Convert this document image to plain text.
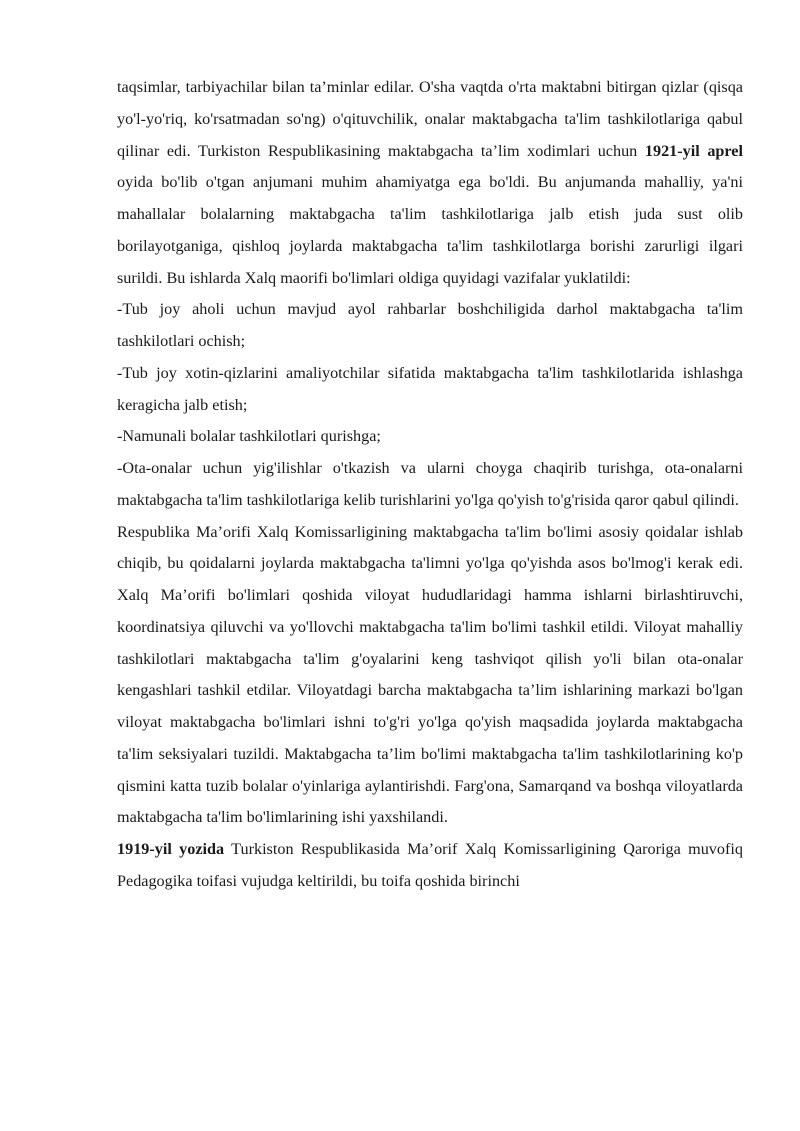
taqsimlar, tarbiyachilar bilan ta’minlar edilar. O'sha vaqtda o'rta maktabni bitirgan qizlar (qisqa yo'l-yo'riq, ko'rsatmadan so'ng) o'qituvchilik, onalar maktabgacha ta'lim tashkilotlariga qabul qilinar edi. Turkiston Respublikasining maktabgacha ta’lim xodimlari uchun 1921-yil aprel oyida bo'lib o'tgan anjumani muhim ahamiyatga ega bo'ldi. Bu anjumanda mahalliy, ya'ni mahallalar bolalarning maktabgacha ta'lim tashkilotlariga jalb etish juda sust olib borilayotganiga, qishloq joylarda maktabgacha ta'lim tashkilotlarga borishi zarurligi ilgari surildi. Bu ishlarda Xalq maorifi bo'limlari oldiga quyidagi vazifalar yuklatildi:

-Tub joy aholi uchun mavjud ayol rahbarlar boshchiligida darhol maktabgacha ta'lim tashkilotlari ochish;

-Tub joy xotin-qizlarini amaliyotchilar sifatida maktabgacha ta'lim tashkilotlarida ishlashga keragicha jalb etish;

-Namunali bolalar tashkilotlari qurishga;

-Ota-onalar uchun yig'ilishlar o'tkazish va ularni choyga chaqirib turishga, ota-onalarni maktabgacha ta'lim tashkilotlariga kelib turishlarini yo'lga qo'yish to'g'risida qaror qabul qilindi.

Respublika Ma’orifi Xalq Komissarligining maktabgacha ta'lim bo'limi asosiy qoidalar ishlab chiqib, bu qoidalarni joylarda maktabgacha ta'limni yo'lga qo'yishda asos bo'lmog'i kerak edi. Xalq Ma’orifi bo'limlari qoshida viloyat hududlaridagi hamma ishlarni birlashtiruvchi, koordinatsiya qiluvchi va yo'llovchi maktabgacha ta'lim bo'limi tashkil etildi. Viloyat mahalliy tashkilotlari maktabgacha ta'lim g'oyalarini keng tashviqot qilish yo'li bilan ota-onalar kengashlari tashkil etdilar. Viloyatdagi barcha maktabgacha ta’lim ishlarining markazi bo'lgan viloyat maktabgacha bo'limlari ishni to'g'ri yo'lga qo'yish maqsadida joylarda maktabgacha ta'lim seksiyalari tuzildi. Maktabgacha ta’lim bo'limi maktabgacha ta'lim tashkilotlarining ko'p qismini katta tuzib bolalar o'yinlariga aylantirishdi. Farg'ona, Samarqand va boshqa viloyatlarda maktabgacha ta'lim bo'limlarining ishi yaxshilandi.

1919-yil yozida Turkiston Respublikasida Ma’orif Xalq Komissarligining Qaroriga muvofiq Pedagogika toifasi vujudga keltirildi, bu toifa qoshida birinchi
